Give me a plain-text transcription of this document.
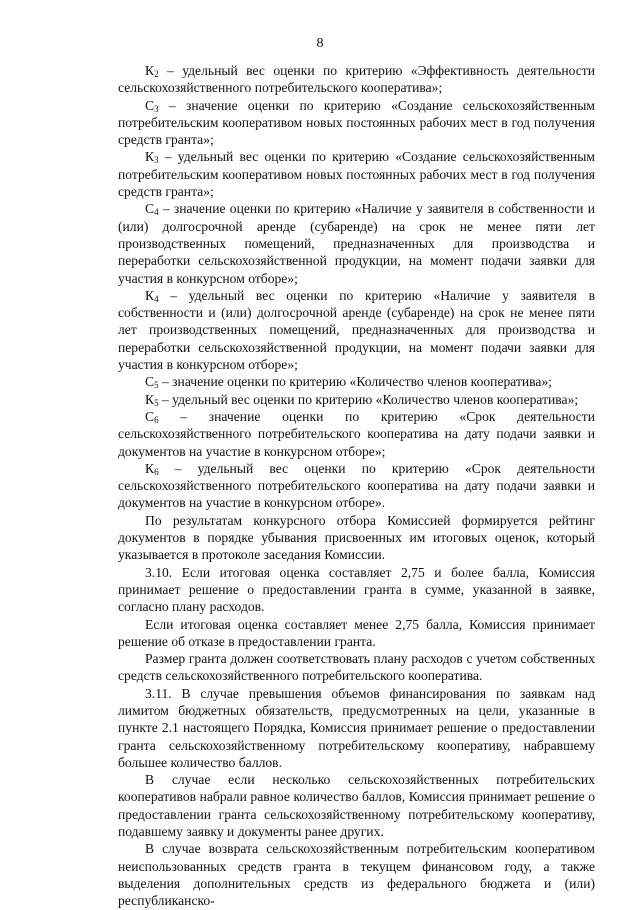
8

$К_2$ – удельный вес оценки по критерию «Эффективность деятельности сельскохозяйственного потребительского кооператива»;

$С_3$ – значение оценки по критерию «Создание сельскохозяйственным потребительским кооперативом новых постоянных рабочих мест в год получения средств гранта»;

$К_3$ – удельный вес оценки по критерию «Создание сельскохозяйственным потребительским кооперативом новых постоянных рабочих мест в год получения средств гранта»;

$С_4$ – значение оценки по критерию «Наличие у заявителя в собственности и (или) долгосрочной аренде (субаренде) на срок не менее пяти лет производственных помещений, предназначенных для производства и переработки сельскохозяйственной продукции, на момент подачи заявки для участия в конкурсном отборе»;

$К_4$ – удельный вес оценки по критерию «Наличие у заявителя в собственности и (или) долгосрочной аренде (субаренде) на срок не менее пяти лет производственных помещений, предназначенных для производства и переработки сельскохозяйственной продукции, на момент подачи заявки для участия в конкурсном отборе»;

$С_5$ – значение оценки по критерию «Количество членов кооператива»;

$К_5$ – удельный вес оценки по критерию «Количество членов кооператива»;

$С_6$ – значение оценки по критерию «Срок деятельности сельскохозяйственного потребительского кооператива на дату подачи заявки и документов на участие в конкурсном отборе»;

$К_6$ – удельный вес оценки по критерию «Срок деятельности сельскохозяйственного потребительского кооператива на дату подачи заявки и документов на участие в конкурсном отборе».

По результатам конкурсного отбора Комиссией формируется рейтинг документов в порядке убывания присвоенных им итоговых оценок, который указывается в протоколе заседания Комиссии.

3.10. Если итоговая оценка составляет 2,75 и более балла, Комиссия принимает решение о предоставлении гранта в сумме, указанной в заявке, согласно плану расходов.

Если итоговая оценка составляет менее 2,75 балла, Комиссия принимает решение об отказе в предоставлении гранта.

Размер гранта должен соответствовать плану расходов с учетом собственных средств сельскохозяйственного потребительского кооператива.

3.11. В случае превышения объемов финансирования по заявкам над лимитом бюджетных обязательств, предусмотренных на цели, указанные в пункте 2.1 настоящего Порядка, Комиссия принимает решение о предоставлении гранта сельскохозяйственному потребительскому кооперативу, набравшему большее количество баллов.

В случае если несколько сельскохозяйственных потребительских кооперативов набрали равное количество баллов, Комиссия принимает решение о предоставлении гранта сельскохозяйственному потребительскому кооперативу, подавшему заявку и документы ранее других.

В случае возврата сельскохозяйственным потребительским кооперативом неиспользованных средств гранта в текущем финансовом году, а также выделения дополнительных средств из федерального бюджета и (или) республиканско-
